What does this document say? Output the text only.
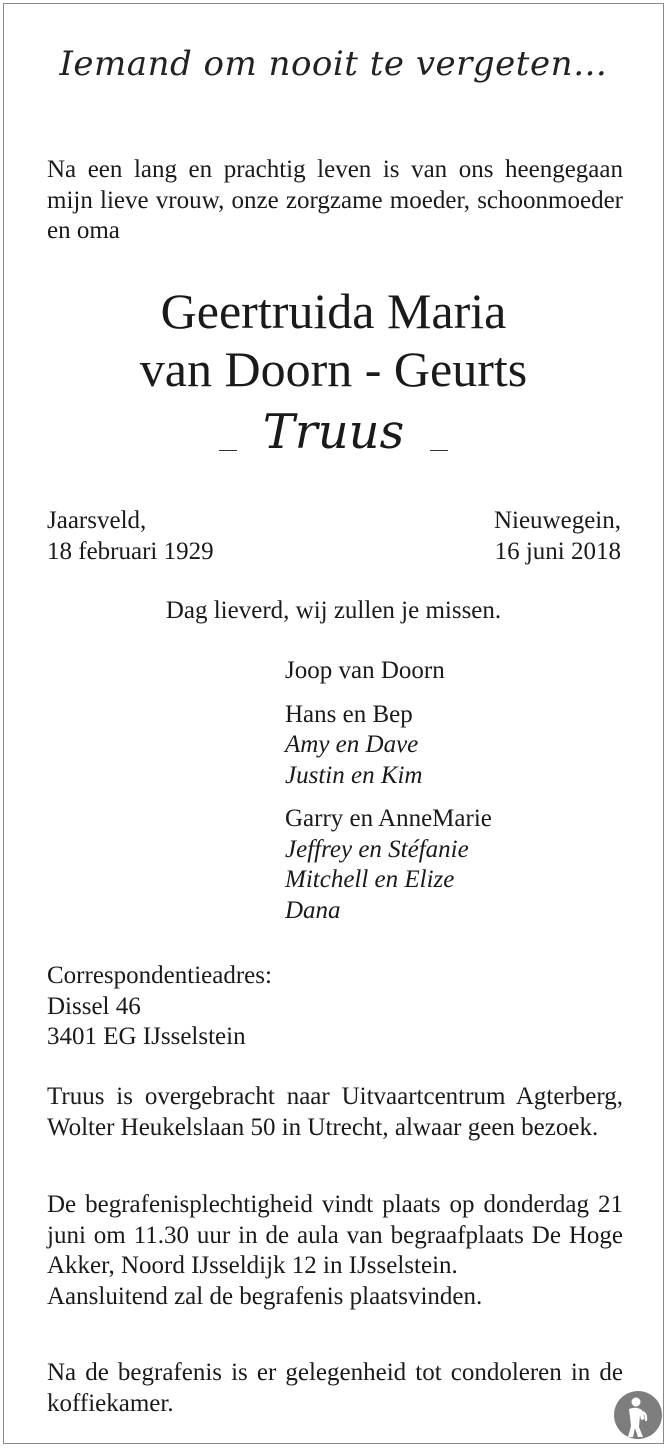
Iemand om nooit te vergeten…
Na een lang en prachtig leven is van ons heengegaan mijn lieve vrouw, onze zorgzame moeder, schoonmoeder en oma
Geertruida Maria
van Doorn - Geurts
Truus
Jaarsveld,
18 februari 1929
Nieuwegein,
16 juni 2018
Dag lieverd, wij zullen je missen.
Joop van Doorn
Hans en Bep
Amy en Dave
Justin en Kim
Garry en AnneMarie
Jeffrey en Stéfanie
Mitchell en Elize
Dana
Correspondentieadres:
Dissel 46
3401 EG IJsselstein
Truus is overgebracht naar Uitvaartcentrum Agterberg, Wolter Heukelslaan 50 in Utrecht, alwaar geen bezoek.
De begrafenisplechtigheid vindt plaats op donderdag 21 juni om 11.30 uur in de aula van begraafplaats De Hoge Akker, Noord IJsseldijk 12 in IJsselstein.
Aansluitend zal de begrafenis plaatsvinden.
Na de begrafenis is er gelegenheid tot condoleren in de koffiekamer.
